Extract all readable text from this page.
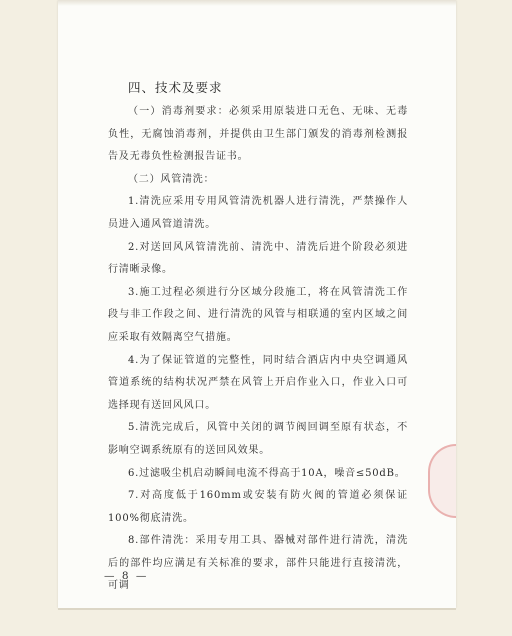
四、技术及要求

（一）消毒剂要求：必须采用原装进口无色、无味、无毒负性，无腐蚀消毒剂，并提供由卫生部门颁发的消毒剂检测报告及无毒负性检测报告证书。

（二）风管清洗：

1.清洗应采用专用风管清洗机器人进行清洗，严禁操作人员进入通风管道清洗。

2.对送回风风管清洗前、清洗中、清洗后进个阶段必须进行清晰录像。

3.施工过程必须进行分区域分段施工，将在风管清洗工作段与非工作段之间、进行清洗的风管与相联通的室内区域之间应采取有效隔离空气措施。

4.为了保证管道的完整性，同时结合酒店内中央空调通风管道系统的结构状况严禁在风管上开启作业入口，作业入口可选择现有送回风风口。

5.清洗完成后，风管中关闭的调节阀回调至原有状态，不影响空调系统原有的送回风效果。

6.过滤吸尘机启动瞬间电流不得高于10A，噪音≤50dB。

7.对高度低于160mm或安装有防火阀的管道必须保证100%彻底清洗。

8.部件清洗：采用专用工具、器械对部件进行清洗，清洗后的部件均应满足有关标准的要求，部件只能进行直接清洗，可调

— 8 —
